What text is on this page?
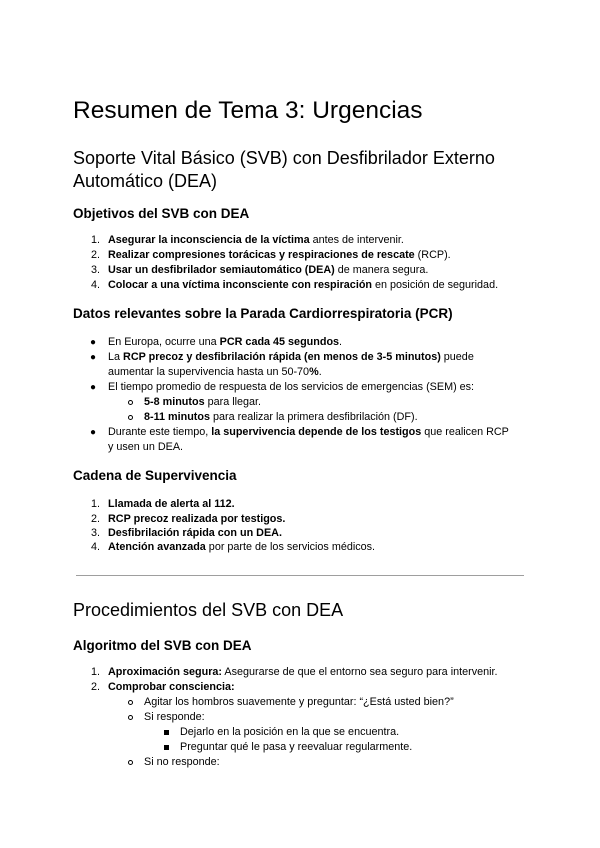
Resumen de Tema 3: Urgencias
Soporte Vital Básico (SVB) con Desfibrilador Externo
Automático (DEA)
Objetivos del SVB con DEA
1. Asegurar la inconsciencia de la víctima antes de intervenir.
2. Realizar compresiones torácicas y respiraciones de rescate (RCP).
3. Usar un desfibrilador semiautomático (DEA) de manera segura.
4. Colocar a una víctima inconsciente con respiración en posición de seguridad.
Datos relevantes sobre la Parada Cardiorrespiratoria (PCR)
● En Europa, ocurre una PCR cada 45 segundos.
● La RCP precoz y desfibrilación rápida (en menos de 3-5 minutos) puede
aumentar la supervivencia hasta un 50-70%.
● El tiempo promedio de respuesta de los servicios de emergencias (SEM) es:
5-8 minutos para llegar.
8-11 minutos para realizar la primera desfibrilación (DF).
● Durante este tiempo, la supervivencia depende de los testigos que realicen RCP
y usen un DEA.
Cadena de Supervivencia
1. Llamada de alerta al 112.
2. RCP precoz realizada por testigos.
3. Desfibrilación rápida con un DEA.
4. Atención avanzada por parte de los servicios médicos.
Procedimientos del SVB con DEA
Algoritmo del SVB con DEA
1. Aproximación segura: Asegurarse de que el entorno sea seguro para intervenir.
2. Comprobar consciencia:
Agitar los hombros suavemente y preguntar: “¿Está usted bien?”
Si responde:
Dejarlo en la posición en la que se encuentra.
Preguntar qué le pasa y reevaluar regularmente.
Si no responde:
